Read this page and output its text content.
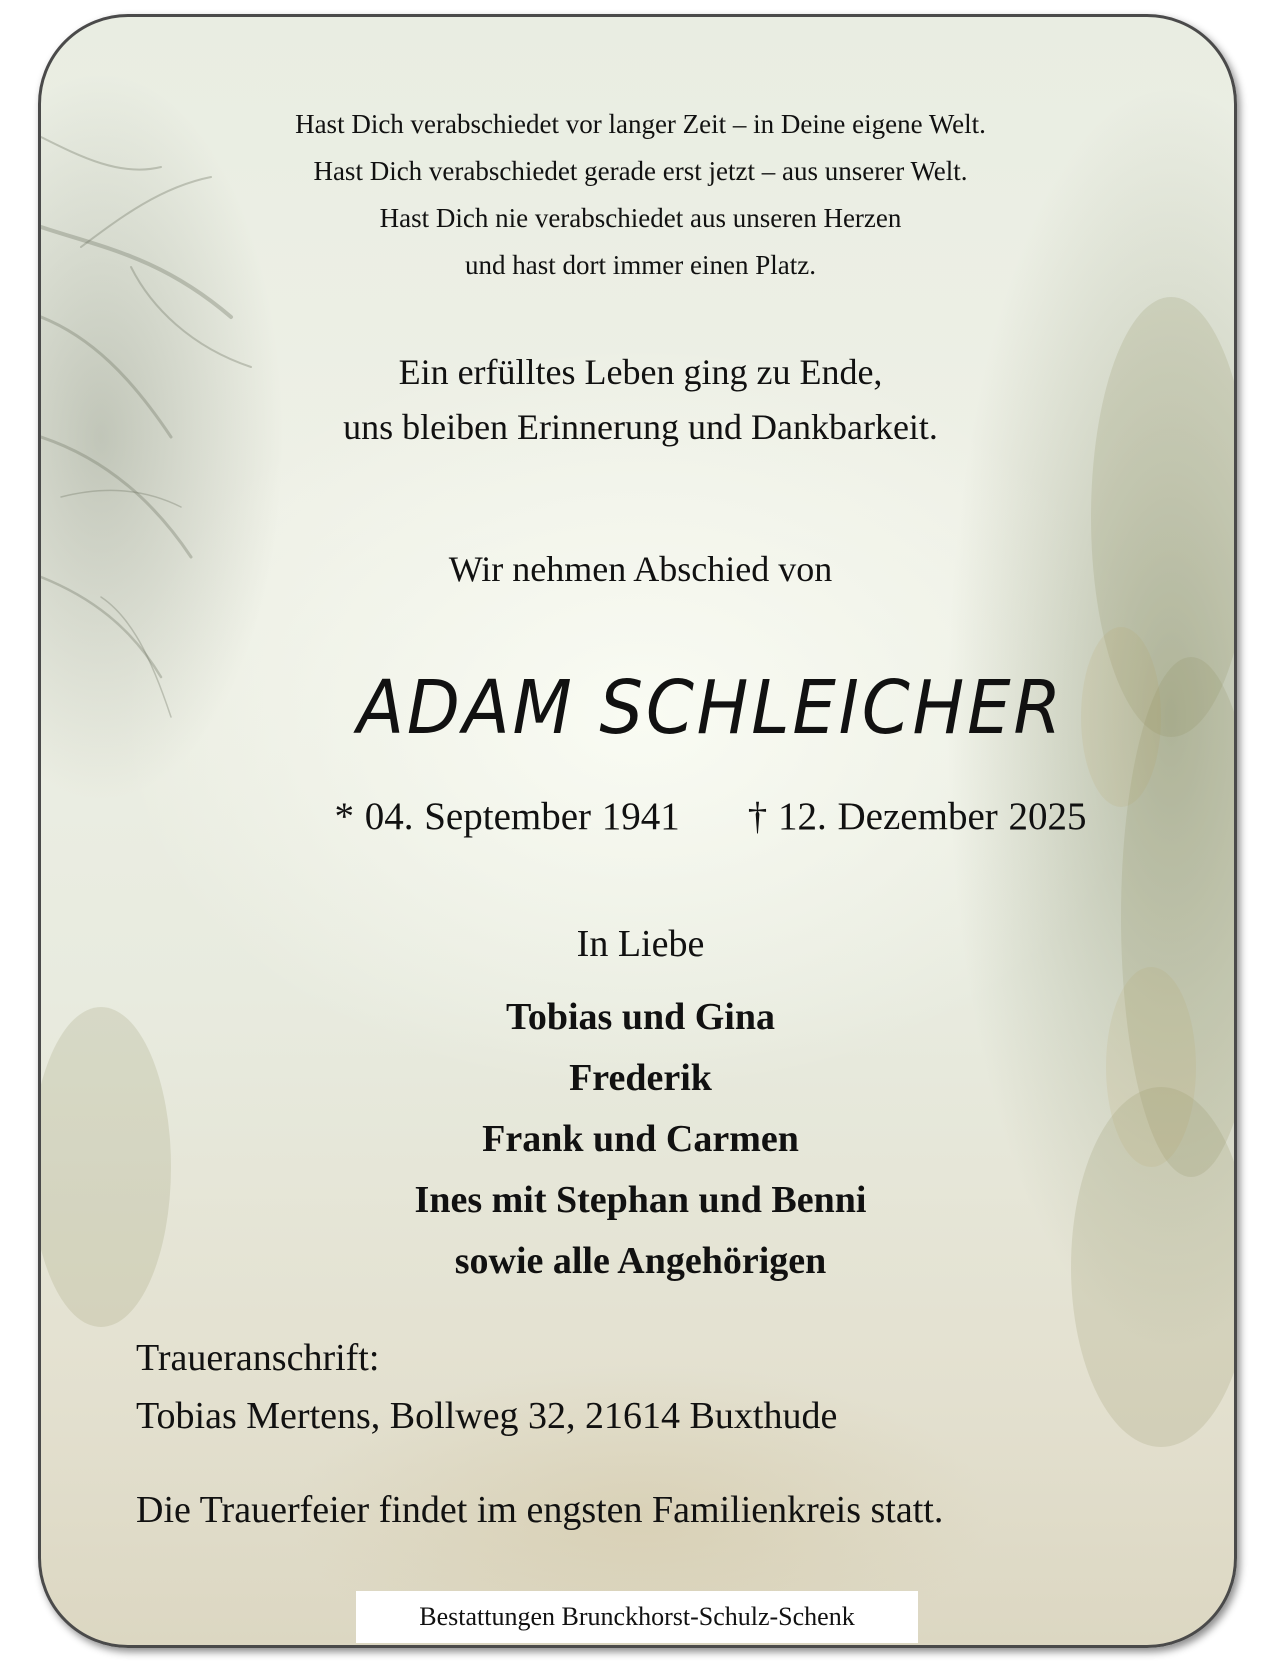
Hast Dich verabschiedet vor langer Zeit – in Deine eigene Welt.
Hast Dich verabschiedet gerade erst jetzt – aus unserer Welt.
Hast Dich nie verabschiedet aus unseren Herzen
und hast dort immer einen Platz.
Ein erfülltes Leben ging zu Ende,
uns bleiben Erinnerung und Dankbarkeit.
Wir nehmen Abschied von
ADAM SCHLEICHER
* 04. September 1941 † 12. Dezember 2025
In Liebe
Tobias und Gina
Frederik
Frank und Carmen
Ines mit Stephan und Benni
sowie alle Angehörigen
Traueranschrift:
Tobias Mertens, Bollweg 32, 21614 Buxthude
Die Trauerfeier findet im engsten Familienkreis statt.
Bestattungen Brunckhorst-Schulz-Schenk
